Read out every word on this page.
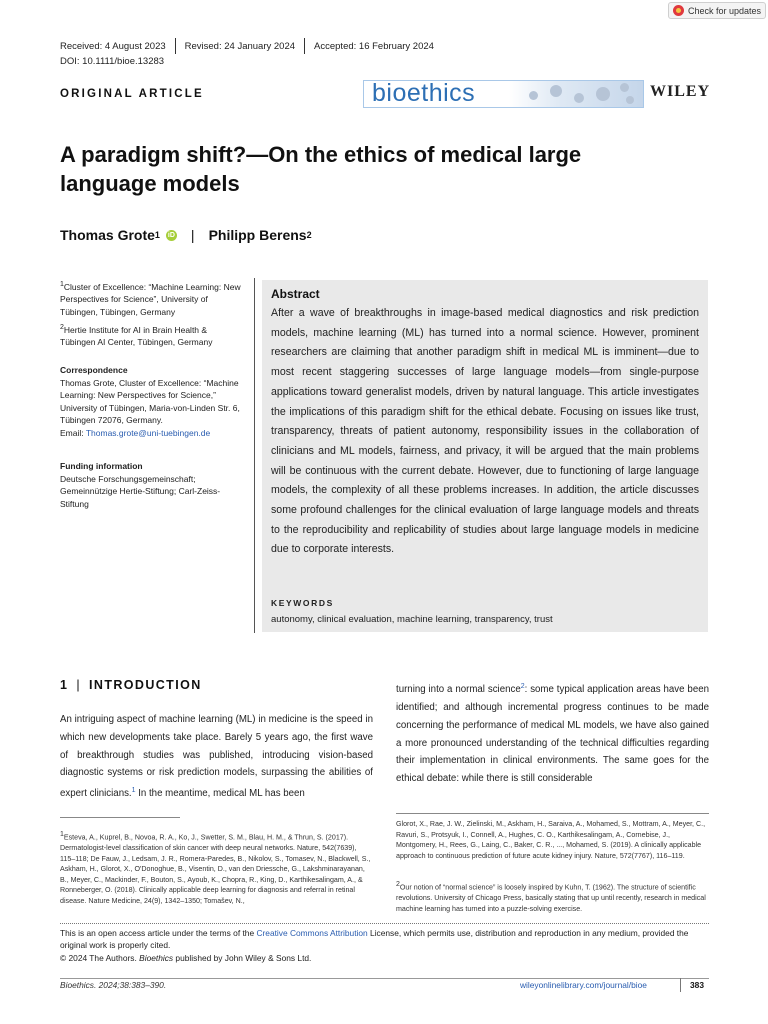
Check for updates
Received: 4 August 2023 Revised: 24 January 2024 Accepted: 16 February 2024
DOI: 10.1111/bioe.13283
ORIGINAL ARTICLE	bioethics	WILEY
A paradigm shift?—On the ethics of medical large language models
Thomas Grote 1 iD | Philipp Berens 2
$^1$Cluster of Excellence: “Machine Learning: New Perspectives for Science”, University of Tübingen, Tübingen, Germany
$^2$Hertie Institute for AI in Brain Health & Tübingen AI Center, Tübingen, Germany
Correspondence
Thomas Grote, Cluster of Excellence: “Machine Learning: New Perspectives for Science,” University of Tübingen, Maria-von-Linden Str. 6, Tübingen 72076, Germany.
Email: Thomas.grote@uni-tuebingen.de
Funding information
Deutsche Forschungsgemeinschaft; Gemeinnützige Hertie-Stiftung; Carl-Zeiss-Stiftung
Abstract
After a wave of breakthroughs in image-based medical diagnostics and risk prediction models, machine learning (ML) has turned into a normal science. However, prominent researchers are claiming that another paradigm shift in medical ML is imminent—due to most recent staggering successes of large language models—from single-purpose applications toward generalist models, driven by natural language. This article investigates the implications of this paradigm shift for the ethical debate. Focusing on issues like trust, transparency, threats of patient autonomy, responsibility issues in the collaboration of clinicians and ML models, fairness, and privacy, it will be argued that the main problems will be continuous with the current debate. However, due to functioning of large language models, the complexity of all these problems increases. In addition, the article discusses some profound challenges for the clinical evaluation of large language models and threats to the reproducibility and replicability of studies about large language models in medicine due to corporate interests.
KEYWORDS
autonomy, clinical evaluation, machine learning, transparency, trust
1 | INTRODUCTION
An intriguing aspect of machine learning (ML) in medicine is the speed in which new developments take place. Barely 5 years ago, the first wave of breakthrough studies was published, introducing vision-based diagnostic systems or risk prediction models, surpassing the abilities of expert clinicians.$^1$ In the meantime, medical ML has been
turning into a normal science$^2$: some typical application areas have been identified; and although incremental progress continues to be made concerning the performance of medical ML models, we have also gained a more pronounced understanding of the technical difficulties regarding their implementation in clinical environments. The same goes for the ethical debate: while there is still considerable
$^1$Esteva, A., Kuprel, B., Novoa, R. A., Ko, J., Swetter, S. M., Blau, H. M., & Thrun, S. (2017). Dermatologist-level classification of skin cancer with deep neural networks. Nature, 542(7639), 115–118; De Fauw, J., Ledsam, J. R., Romera-Paredes, B., Nikolov, S., Tomasev, N., Blackwell, S., Askham, H., Glorot, X., O'Donoghue, B., Visentin, D., van den Driessche, G., Lakshminarayanan, B., Meyer, C., Mackinder, F., Bouton, S., Ayoub, K., Chopra, R., King, D., Karthikesalingam, A., & Ronneberger, O. (2018). Clinically applicable deep learning for diagnosis and referral in retinal disease. Nature Medicine, 24(9), 1342–1350; Tomašev, N.,
Glorot, X., Rae, J. W., Zielinski, M., Askham, H., Saraiva, A., Mohamed, S., Mottram, A., Meyer, C., Ravuri, S., Protsyuk, I., Connell, A., Hughes, C. O., Karthikesalingam, A., Cornebise, J., Montgomery, H., Rees, G., Laing, C., Baker, C. R., ..., Mohamed, S. (2019). A clinically applicable approach to continuous prediction of future acute kidney injury. Nature, 572(7767), 116–119.
$^2$Our notion of “normal science” is loosely inspired by Kuhn, T. (1962). The structure of scientific revolutions. University of Chicago Press, basically stating that up until recently, research in medical machine learning has turned into a puzzle-solving exercise.
This is an open access article under the terms of the Creative Commons Attribution License, which permits use, distribution and reproduction in any medium, provided the original work is properly cited.
© 2024 The Authors. Bioethics published by John Wiley & Sons Ltd.
Bioethics. 2024;38:383–390.	wileyonlinelibrary.com/journal/bioe	383
